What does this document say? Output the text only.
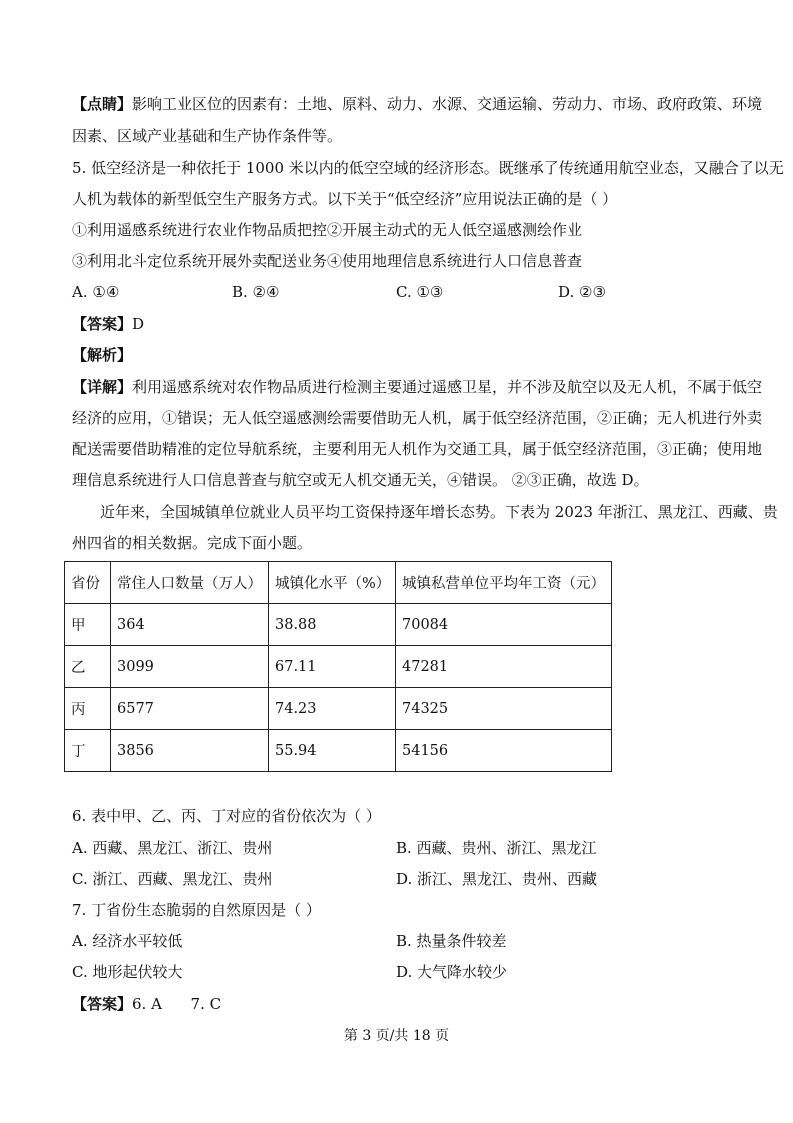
【点睛】影响工业区位的因素有：土地、原料、动力、水源、交通运输、劳动力、市场、政府政策、环境
因素、区域产业基础和生产协作条件等。
5. 低空经济是一种依托于 1000 米以内的低空空域的经济形态。既继承了传统通用航空业态，又融合了以无
人机为载体的新型低空生产服务方式。以下关于“低空经济”应用说法正确的是（ ）
①利用遥感系统进行农业作物品质把控②开展主动式的无人低空遥感测绘作业
③利用北斗定位系统开展外卖配送业务④使用地理信息系统进行人口信息普查
A. ①④	B. ②④	C. ①③	D. ②③
【答案】D
【解析】
【详解】利用遥感系统对农作物品质进行检测主要通过遥感卫星，并不涉及航空以及无人机，不属于低空
经济的应用，①错误；无人低空遥感测绘需要借助无人机，属于低空经济范围，②正确；无人机进行外卖
配送需要借助精准的定位导航系统，主要利用无人机作为交通工具，属于低空经济范围，③正确；使用地
理信息系统进行人口信息普查与航空或无人机交通无关，④错误。 ②③正确，故选 D。
近年来，全国城镇单位就业人员平均工资保持逐年增长态势。下表为 2023 年浙江、黑龙江、西藏、贵
州四省的相关数据。完成下面小题。
省份	常住人口数量（万人）	城镇化水平（%）	城镇私营单位平均年工资（元）
甲	364	38.88	70084
乙	3099	67.11	47281
丙	6577	74.23	74325
丁	3856	55.94	54156
6. 表中甲、乙、丙、丁对应的省份依次为（ ）
A. 西藏、黑龙江、浙江、贵州	B. 西藏、贵州、浙江、黑龙江
C. 浙江、西藏、黑龙江、贵州	D. 浙江、黑龙江、贵州、西藏
7. 丁省份生态脆弱的自然原因是（ ）
A. 经济水平较低	B. 热量条件较差
C. 地形起伏较大	D. 大气降水较少
【答案】6. A      7. C
第 3 页/共 18 页
